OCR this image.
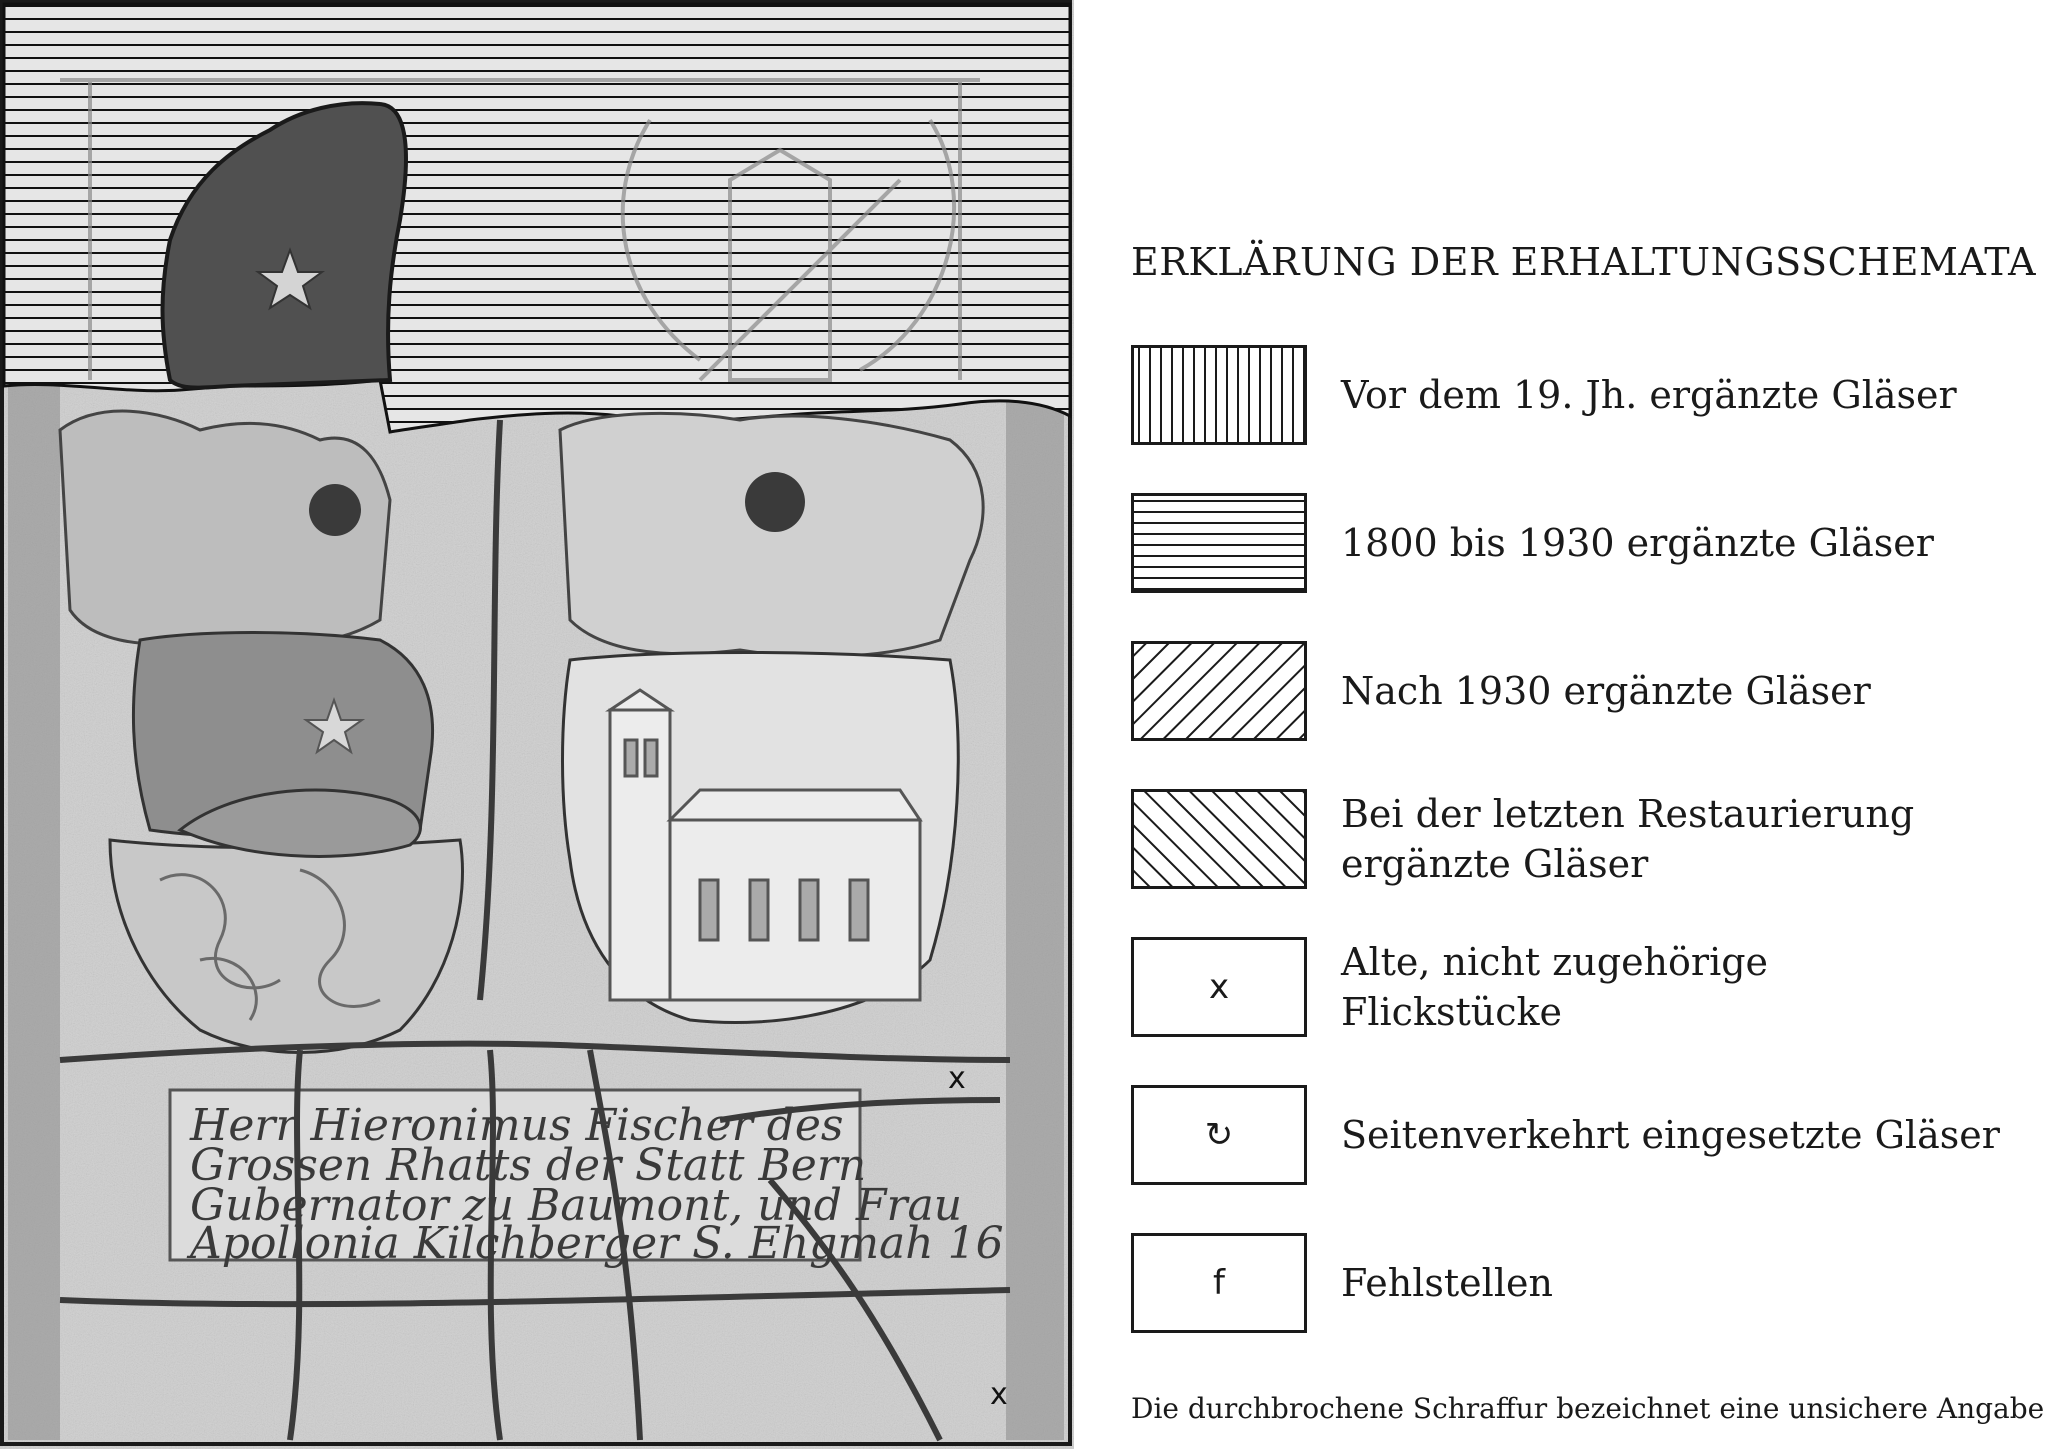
Herr Hieronimus Fischer des
Grossen Rhatts der Statt Bern
Gubernator zu Baumont, und Frau
Apollonia Kilchberger S. Ehgmah 16
x
x
ERKLÄRUNG DER ERHALTUNGSSCHEMATA
Vor dem 19. Jh. ergänzte Gläser
1800 bis 1930 ergänzte Gläser
Nach 1930 ergänzte Gläser
Bei der letzten Restaurierung ergänzte Gläser
x
Alte, nicht zugehörige Flickstücke
↻	Seitenverkehrt eingesetzte Gläser
f	Fehlstellen
Die durchbrochene Schraffur bezeichnet eine unsichere Angabe
